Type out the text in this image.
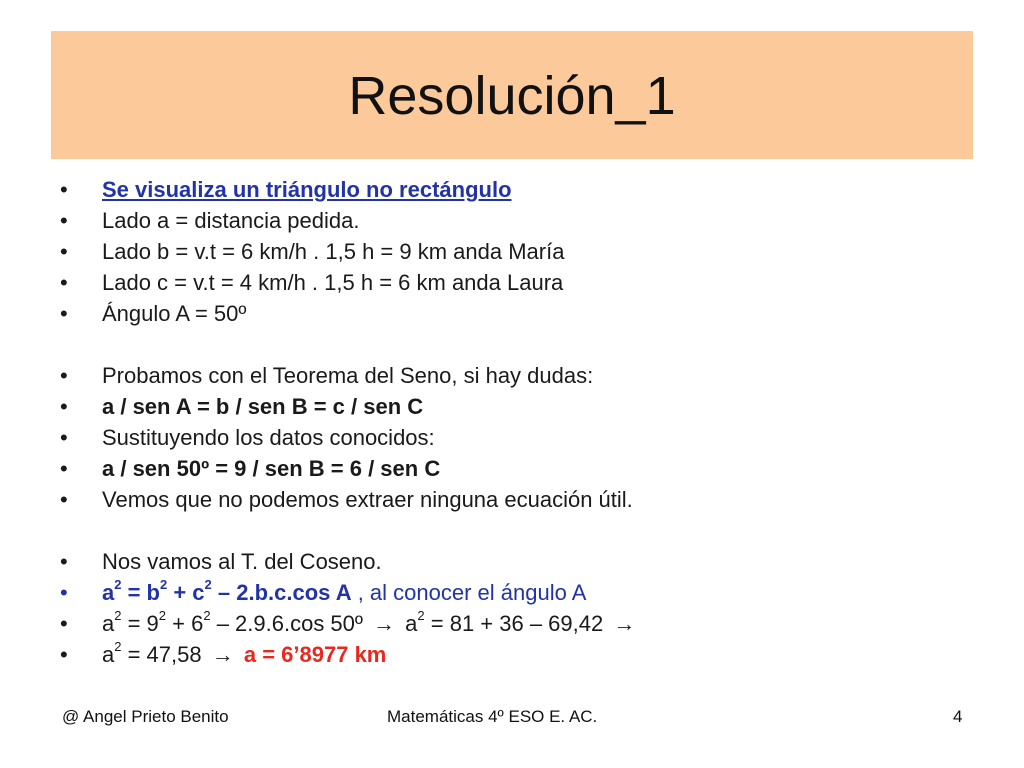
Resolución_1
• Se visualiza un triángulo no rectángulo
• Lado a = distancia pedida.
• Lado b = v.t = 6 km/h . 1,5 h = 9 km anda María
• Lado c = v.t = 4 km/h . 1,5 h = 6 km anda Laura
• Ángulo A = 50º
• Probamos con el Teorema del Seno, si hay dudas:
• a / sen A = b / sen B = c / sen C
• Sustituyendo los datos conocidos:
• a / sen 50º = 9 / sen B = 6 / sen C
• Vemos que no podemos extraer ninguna ecuación útil.
• Nos vamos al T. del Coseno.
• $a^2 = b^2 + c^2 - 2.b.c.\cos$ A , al conocer el ángulo A
• $a^2 = 9^2 + 6^2 - 2.9.6.\cos$ 50º → $a^2 = 81 + 36 - 69,42$ →
• $a^2 = 47,58 \to a$ = 6’8977 km
@ Angel Prieto Benito	Matemáticas 4º ESO E. AC.	4
